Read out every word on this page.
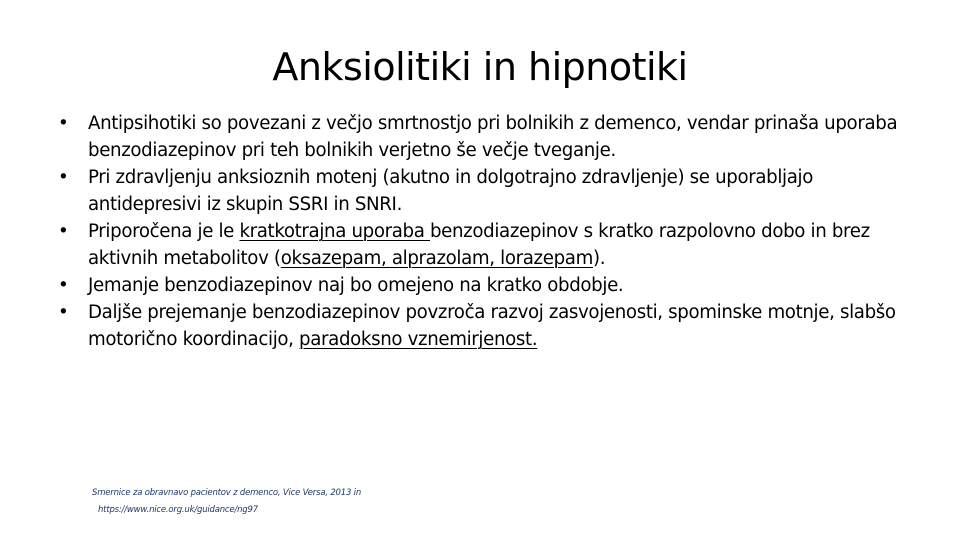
Anksiolitiki in hipnotiki
•	Antipsihotiki so povezani z večjo smrtnostjo pri bolnikih z demenco, vendar prinaša uporaba benzodiazepinov pri teh bolnikih verjetno še večje tveganje.
•	Pri zdravljenju anksioznih motenj (akutno in dolgotrajno zdravljenje) se uporabljajo antidepresivi iz skupin SSRI in SNRI.
•	Priporočena je le kratkotrajna uporaba benzodiazepinov s kratko razpolovno dobo in brez aktivnih metabolitov (oksazepam, alprazolam, lorazepam).
•	Jemanje benzodiazepinov naj bo omejeno na kratko obdobje.
•	Daljše prejemanje benzodiazepinov povzroča razvoj zasvojenosti, spominske motnje, slabšo motorično koordinacijo, paradoksno vznemirjenost.
Smernice za obravnavo pacientov z demenco, Vice Versa, 2013 in
https://www.nice.org.uk/guidance/ng97
